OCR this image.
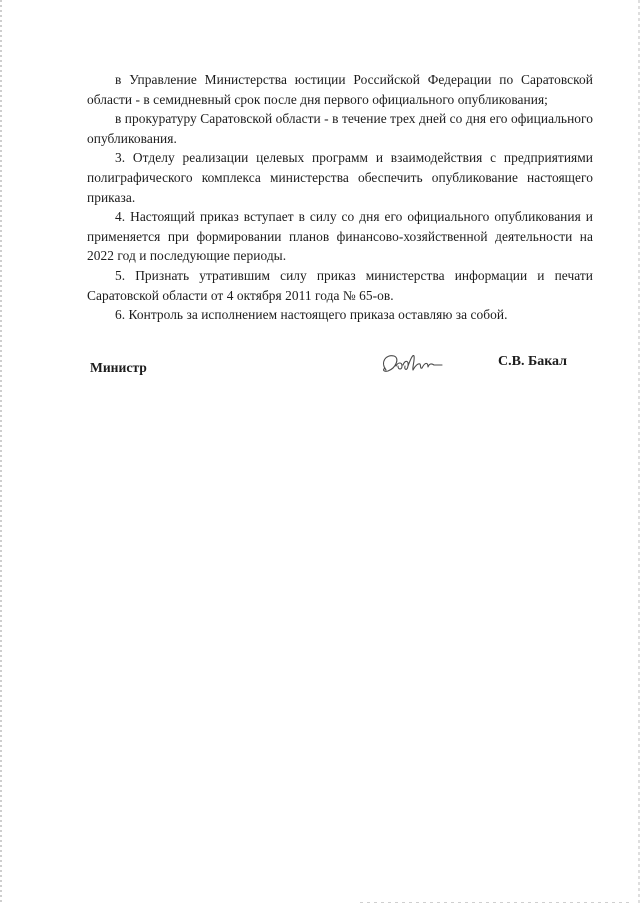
в Управление Министерства юстиции Российской Федерации по Саратовской области - в семидневный срок после дня первого официального опубликования;

в прокуратуру Саратовской области - в течение трех дней со дня его официального опубликования.

3. Отделу реализации целевых программ и взаимодействия с предприятиями полиграфического комплекса министерства обеспечить опубликование настоящего приказа.

4. Настоящий приказ вступает в силу со дня его официального опубликования и применяется при формировании планов финансово-хозяйственной деятельности на 2022 год и последующие периоды.

5. Признать утратившим силу приказ министерства информации и печати Саратовской области от 4 октября 2011 года № 65-ов.

6. Контроль за исполнением настоящего приказа оставляю за собой.

Министр	С.В. Бакал
